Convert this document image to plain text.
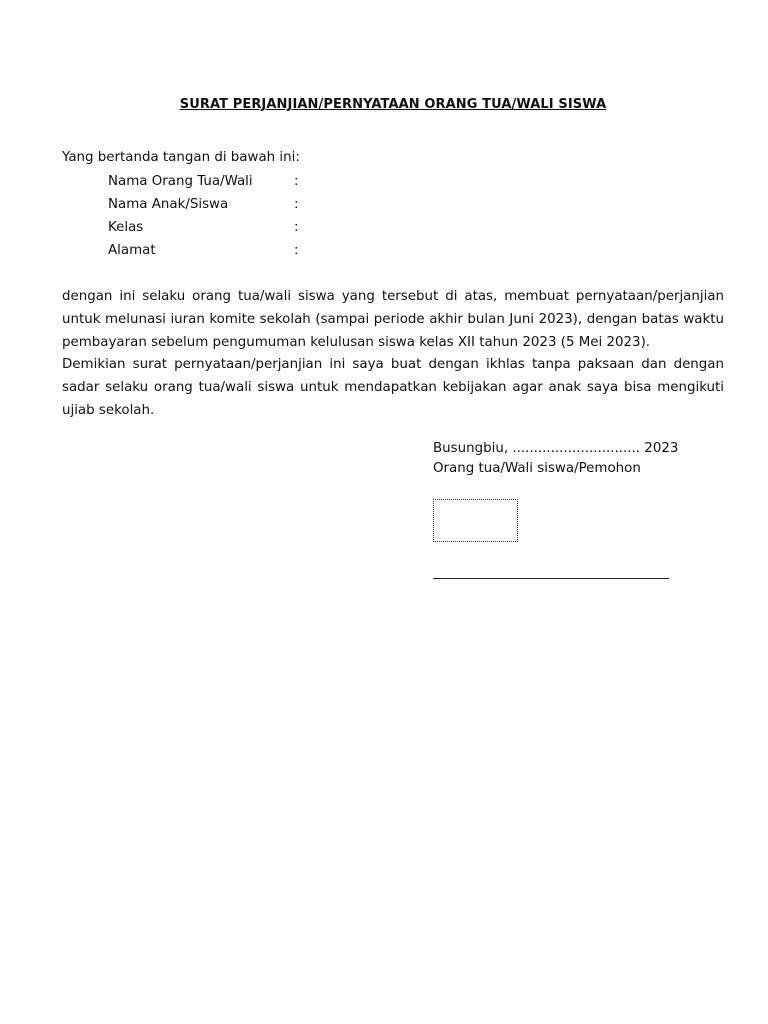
SURAT PERJANJIAN/PERNYATAAN ORANG TUA/WALI SISWA
Yang bertanda tangan di bawah ini:
Nama Orang Tua/Wali	:
Nama Anak/Siswa	:
Kelas	:
Alamat	:

dengan ini selaku orang tua/wali siswa yang tersebut di atas, membuat pernyataan/perjanjian untuk melunasi iuran komite sekolah (sampai periode akhir bulan Juni 2023), dengan batas waktu pembayaran sebelum pengumuman kelulusan siswa kelas XII tahun 2023 (5 Mei 2023).

Demikian surat pernyataan/perjanjian ini saya buat dengan ikhlas tanpa paksaan dan dengan sadar selaku orang tua/wali siswa untuk mendapatkan kebijakan agar anak saya bisa mengikuti ujiab sekolah.

Busungbiu, .............................. 2023
Orang tua/Wali siswa/Pemohon
